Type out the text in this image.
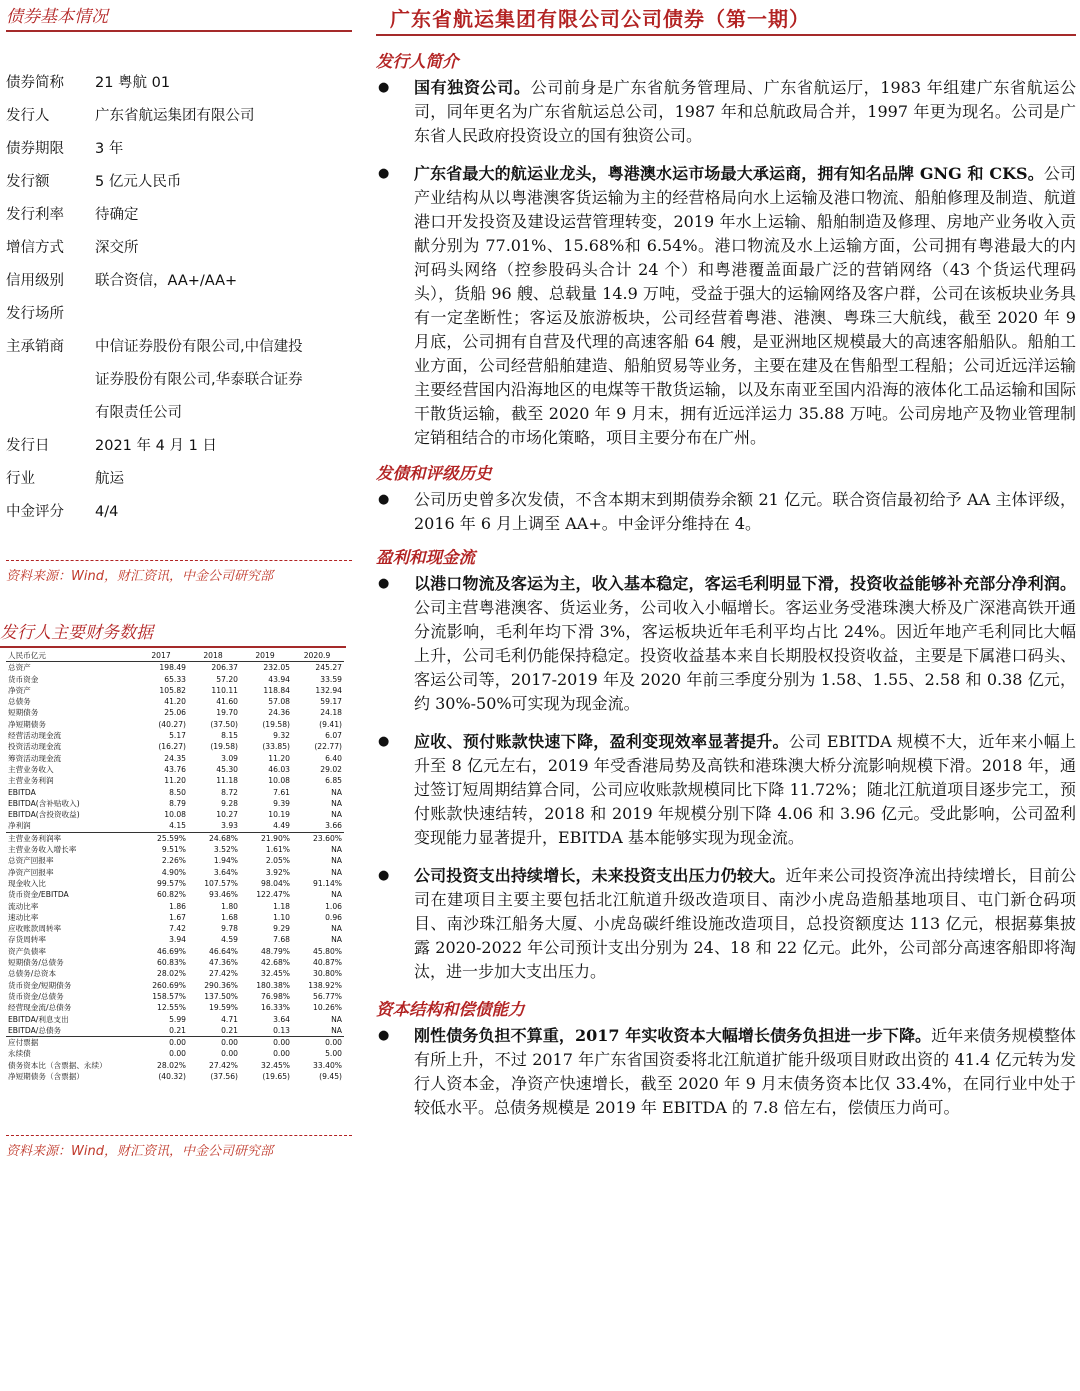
债券基本情况
债券简称	21 粤航 01
发行人	广东省航运集团有限公司
债券期限	3 年
发行额	5 亿元人民币
发行利率	待确定
增信方式	深交所
信用级别	联合资信，AA+/AA+
发行场所
主承销商	中信证券股份有限公司,中信建投
证券股份有限公司,华泰联合证券
有限责任公司
发行日	2021 年 4 月 1 日
行业	航运
中金评分	4/4
资料来源：Wind，财汇资讯，中金公司研究部
发行人主要财务数据
人民币亿元	2017	2018	2019	2020.9
总资产	198.49	206.37	232.05	245.27
货币资金	65.33	57.20	43.94	33.59
净资产	105.82	110.11	118.84	132.94
总债务	41.20	41.60	57.08	59.17
短期债务	25.06	19.70	24.36	24.18
净短期债务	(40.27)	(37.50)	(19.58)	(9.41)
经营活动现金流	5.17	8.15	9.32	6.07
投资活动现金流	(16.27)	(19.58)	(33.85)	(22.77)
筹资活动现金流	24.35	3.09	11.20	6.40
主营业务收入	43.76	45.30	46.03	29.02
主营业务利润	11.20	11.18	10.08	6.85
EBITDA	8.50	8.72	7.61	NA
EBITDA(含补贴收入)	8.79	9.28	9.39	NA
EBITDA(含投资收益)	10.08	10.27	10.19	NA
净利润	4.15	3.93	4.49	3.66
主营业务利润率	25.59%	24.68%	21.90%	23.60%
主营业务收入增长率	9.51%	3.52%	1.61%	NA
总资产回报率	2.26%	1.94%	2.05%	NA
净资产回报率	4.90%	3.64%	3.92%	NA
现金收入比	99.57%	107.57%	98.04%	91.14%
货币资金/EBITDA	60.82%	93.46%	122.47%	NA
流动比率	1.86	1.80	1.18	1.06
速动比率	1.67	1.68	1.10	0.96
应收账款周转率	7.42	9.78	9.29	NA
存货周转率	3.94	4.59	7.68	NA
资产负债率	46.69%	46.64%	48.79%	45.80%
短期债务/总债务	60.83%	47.36%	42.68%	40.87%
总债务/总资本	28.02%	27.42%	32.45%	30.80%
货币资金/短期债务	260.69%	290.36%	180.38%	138.92%
货币资金/总债务	158.57%	137.50%	76.98%	56.77%
经营现金流/总债务	12.55%	19.59%	16.33%	10.26%
EBITDA/利息支出	5.99	4.71	3.64	NA
EBITDA/总债务	0.21	0.21	0.13	NA
应付票据	0.00	0.00	0.00	0.00
永续债	0.00	0.00	0.00	5.00
债务资本比（含票据、永续）	28.02%	27.42%	32.45%	33.40%
净短期债务（含票据）	(40.32)	(37.56)	(19.65)	(9.45)
资料来源：Wind，财汇资讯，中金公司研究部
广东省航运集团有限公司公司债券（第一期）
发行人简介
● 国有独资公司。公司前身是广东省航务管理局、广东省航运厅，1983 年组建广东省航运公司，同年更名为广东省航运总公司，1987 年和总航政局合并，1997 年更为现名。公司是广东省人民政府投资设立的国有独资公司。
● 广东省最大的航运业龙头，粤港澳水运市场最大承运商，拥有知名品牌 GNG 和 CKS。公司产业结构从以粤港澳客货运输为主的经营格局向水上运输及港口物流、船舶修理及制造、航道港口开发投资及建设运营管理转变，2019 年水上运输、船舶制造及修理、房地产业务收入贡献分别为 77.01%、15.68%和 6.54%。港口物流及水上运输方面，公司拥有粤港最大的内河码头网络（控参股码头合计 24 个）和粤港覆盖面最广泛的营销网络（43 个货运代理码头），货船 96 艘、总载量 14.9 万吨，受益于强大的运输网络及客户群，公司在该板块业务具有一定垄断性；客运及旅游板块，公司经营着粤港、港澳、粤珠三大航线，截至 2020 年 9 月底，公司拥有自营及代理的高速客船 64 艘，是亚洲地区规模最大的高速客船船队。船舶工业方面，公司经营船舶建造、船舶贸易等业务，主要在建及在售船型工程船；公司近远洋运输主要经营国内沿海地区的电煤等干散货运输，以及东南亚至国内沿海的液体化工品运输和国际干散货运输，截至 2020 年 9 月末，拥有近远洋运力 35.88 万吨。公司房地产及物业管理制定销租结合的市场化策略，项目主要分布在广州。
发债和评级历史
● 公司历史曾多次发债，不含本期末到期债券余额 21 亿元。联合资信最初给予 AA 主体评级，2016 年 6 月上调至 AA+。中金评分维持在 4。
盈利和现金流
● 以港口物流及客运为主，收入基本稳定，客运毛利明显下滑，投资收益能够补充部分净利润。公司主营粤港澳客、货运业务，公司收入小幅增长。客运业务受港珠澳大桥及广深港高铁开通分流影响，毛利年均下滑 3%，客运板块近年毛利平均占比 24%。因近年地产毛利同比大幅上升，公司毛利仍能保持稳定。投资收益基本来自长期股权投资收益，主要是下属港口码头、客运公司等，2017-2019 年及 2020 年前三季度分别为 1.58、1.55、2.58 和 0.38 亿元，约 30%-50%可实现为现金流。
● 应收、预付账款快速下降，盈利变现效率显著提升。公司 EBITDA 规模不大，近年来小幅上升至 8 亿元左右，2019 年受香港局势及高铁和港珠澳大桥分流影响规模下滑。2018 年，通过签订短周期结算合同，公司应收账款规模同比下降 11.72%；随北江航道项目逐步完工，预付账款快速结转，2018 和 2019 年规模分别下降 4.06 和 3.96 亿元。受此影响，公司盈利变现能力显著提升，EBITDA 基本能够实现为现金流。
● 公司投资支出持续增长，未来投资支出压力仍较大。近年来公司投资净流出持续增长，目前公司在建项目主要主要包括北江航道升级改造项目、南沙小虎岛造船基地项目、屯门新仓码项目、南沙珠江船务大厦、小虎岛碳纤维设施改造项目，总投资额度达 113 亿元，根据募集披露 2020-2022 年公司预计支出分别为 24、18 和 22 亿元。此外，公司部分高速客船即将淘汰，进一步加大支出压力。
资本结构和偿债能力
● 刚性债务负担不算重，2017 年实收资本大幅增长债务负担进一步下降。近年来债务规模整体有所上升，不过 2017 年广东省国资委将北江航道扩能升级项目财政出资的 41.4 亿元转为发行人资本金，净资产快速增长，截至 2020 年 9 月末债务资本比仅 33.4%，在同行业中处于较低水平。总债务规模是 2019 年 EBITDA 的 7.8 倍左右，偿债压力尚可。
